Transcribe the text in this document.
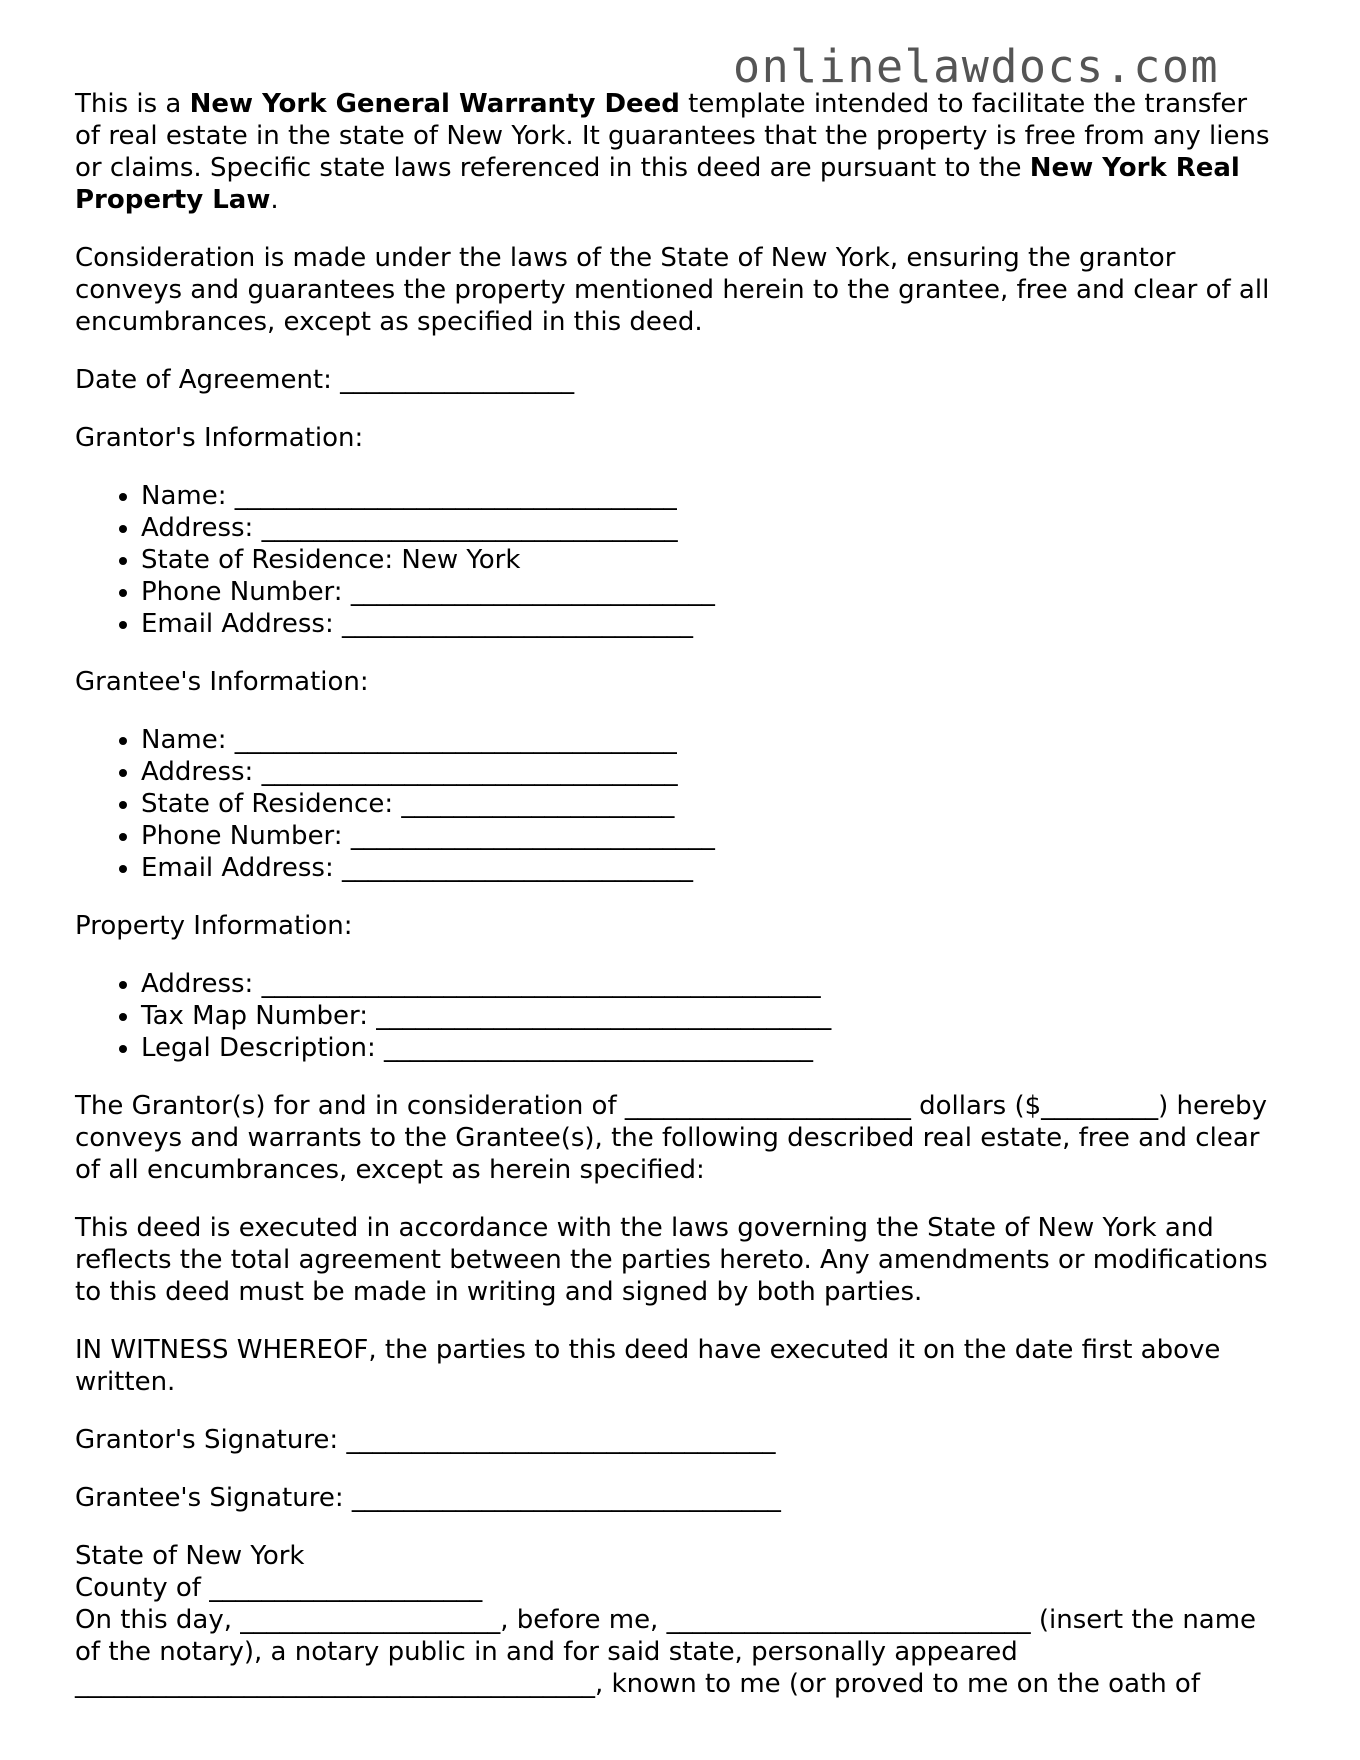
onlinelawdocs.com

This is a New York General Warranty Deed template intended to facilitate the transfer of real estate in the state of New York. It guarantees that the property is free from any liens or claims. Specific state laws referenced in this deed are pursuant to the New York Real Property Law.

Consideration is made under the laws of the State of New York, ensuring the grantor conveys and guarantees the property mentioned herein to the grantee, free and clear of all encumbrances, except as specified in this deed.

Date of Agreement: __________________

Grantor's Information:

• Name: __________________________________
• Address: ________________________________
• State of Residence: New York
• Phone Number: ____________________________
• Email Address: ___________________________

Grantee's Information:

• Name: __________________________________
• Address: ________________________________
• State of Residence: _____________________
• Phone Number: ____________________________
• Email Address: ___________________________

Property Information:

• Address: ___________________________________________
• Tax Map Number: ___________________________________
• Legal Description: _________________________________

The Grantor(s) for and in consideration of ______________________ dollars ($_________) hereby conveys and warrants to the Grantee(s), the following described real estate, free and clear of all encumbrances, except as herein specified:

This deed is executed in accordance with the laws governing the State of New York and reflects the total agreement between the parties hereto. Any amendments or modifications to this deed must be made in writing and signed by both parties.

IN WITNESS WHEREOF, the parties to this deed have executed it on the date first above written.

Grantor's Signature: _________________________________

Grantee's Signature: _________________________________

State of New York
County of _____________________
On this day, ____________________, before me, ____________________________ (insert the name of the notary), a notary public in and for said state, personally appeared ________________________________________, known to me (or proved to me on the oath of
